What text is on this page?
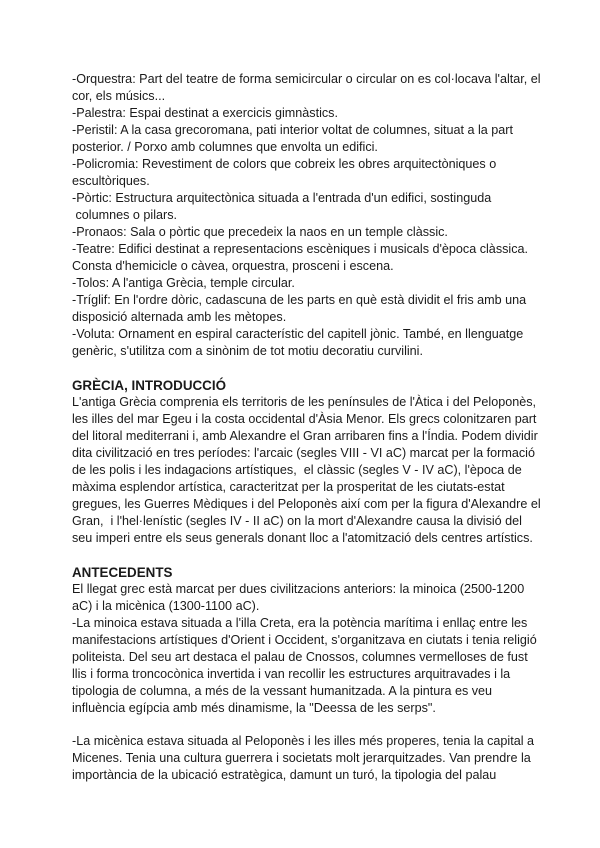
-Orquestra: Part del teatre de forma semicircular o circular on es col·locava l'altar, el

cor, els músics...

-Palestra: Espai destinat a exercicis gimnàstics.

-Peristil: A la casa grecoromana, pati interior voltat de columnes, situat a la part

posterior. / Porxo amb columnes que envolta un edifici.

-Policromia: Revestiment de colors que cobreix les obres arquitectòniques o

escultòriques.

-Pòrtic: Estructura arquitectònica situada a l'entrada d'un edifici, sostinguda

columnes o pilars.

-Pronaos: Sala o pòrtic que precedeix la naos en un temple clàssic.

-Teatre: Edifici destinat a representacions escèniques i musicals d'època clàssica.

Consta d'hemicicle o càvea, orquestra, prosceni i escena.

-Tolos: A l'antiga Grècia, temple circular.

-Tríglif: En l'ordre dòric, cadascuna de les parts en què està dividit el fris amb una

disposició alternada amb les mètopes.

-Voluta: Ornament en espiral característic del capitell jònic. També, en llenguatge

genèric, s'utilitza com a sinònim de tot motiu decoratiu curvilini.

GRÈCIA, INTRODUCCIÓ

L'antiga Grècia comprenia els territoris de les penínsules de l'Àtica i del Peloponès,

les illes del mar Egeu i la costa occidental d'Àsia Menor. Els grecs colonitzaren part

del litoral mediterrani i, amb Alexandre el Gran arribaren fins a l'Índia. Podem dividir

dita civilització en tres períodes: l'arcaic (segles VIII - VI aC) marcat per la formació

de les polis i les indagacions artístiques,  el clàssic (segles V - IV aC), l'època de

màxima esplendor artística, caracteritzat per la prosperitat de les ciutats-estat

gregues, les Guerres Mèdiques i del Peloponès així com per la figura d'Alexandre el

Gran,  i l'hel·lenístic (segles IV - II aC) on la mort d'Alexandre causa la divisió del

seu imperi entre els seus generals donant lloc a l'atomització dels centres artístics.

ANTECEDENTS

El llegat grec està marcat per dues civilitzacions anteriors: la minoica (2500-1200

aC) i la micènica (1300-1100 aC).

-La minoica estava situada a l'illa Creta, era la potència marítima i enllaç entre les

manifestacions artístiques d'Orient i Occident, s'organitzava en ciutats i tenia religió

politeista. Del seu art destaca el palau de Cnossos, columnes vermelloses de fust

llis i forma troncocònica invertida i van recollir les estructures arquitravades i la

tipologia de columna, a més de la vessant humanitzada. A la pintura es veu

influència egípcia amb més dinamisme, la "Deessa de les serps".

-La micènica estava situada al Peloponès i les illes més properes, tenia la capital a

Micenes. Tenia una cultura guerrera i societats molt jerarquitzades. Van prendre la

importància de la ubicació estratègica, damunt un turó, la tipologia del palau
